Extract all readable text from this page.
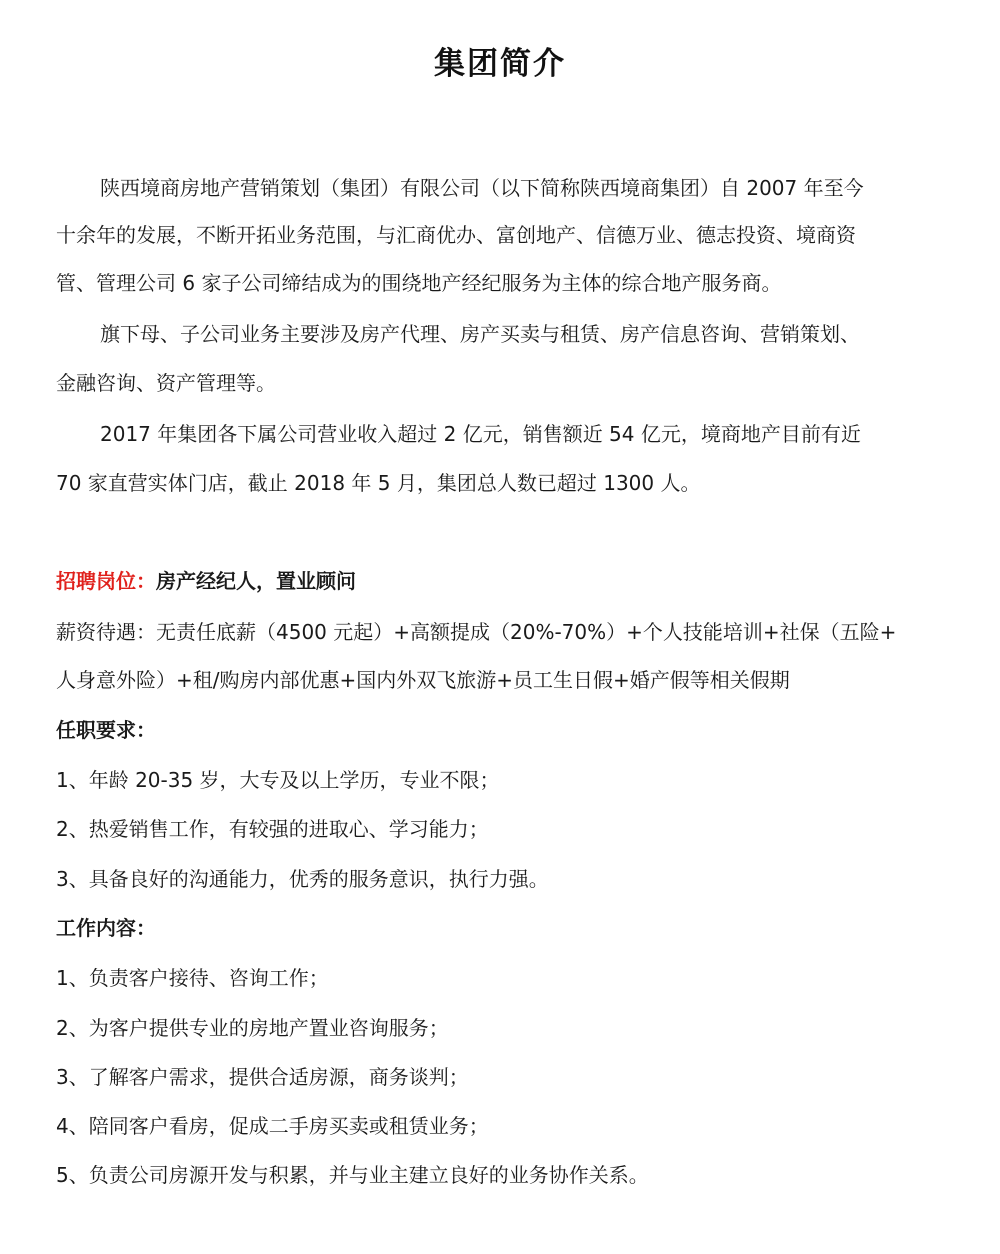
集团简介
陕西境商房地产营销策划（集团）有限公司（以下简称陕西境商集团）自 2007 年至今
十余年的发展，不断开拓业务范围，与汇商优办、富创地产、信德万业、德志投资、境商资
管、管理公司 6 家子公司缔结成为的围绕地产经纪服务为主体的综合地产服务商。
旗下母、子公司业务主要涉及房产代理、房产买卖与租赁、房产信息咨询、营销策划、
金融咨询、资产管理等。
2017 年集团各下属公司营业收入超过 2 亿元，销售额近 54 亿元，境商地产目前有近
70 家直营实体门店，截止 2018 年 5 月，集团总人数已超过 1300 人。
招聘岗位：房产经纪人，置业顾问
薪资待遇：无责任底薪（4500 元起）+高额提成（20%-70%）+个人技能培训+社保（五险+
人身意外险）+租/购房内部优惠+国内外双飞旅游+员工生日假+婚产假等相关假期
任职要求：
1、年龄 20-35 岁，大专及以上学历，专业不限；
2、热爱销售工作，有较强的进取心、学习能力；
3、具备良好的沟通能力，优秀的服务意识，执行力强。
工作内容：
1、负责客户接待、咨询工作；
2、为客户提供专业的房地产置业咨询服务；
3、了解客户需求，提供合适房源，商务谈判；
4、陪同客户看房，促成二手房买卖或租赁业务；
5、负责公司房源开发与积累，并与业主建立良好的业务协作关系。
